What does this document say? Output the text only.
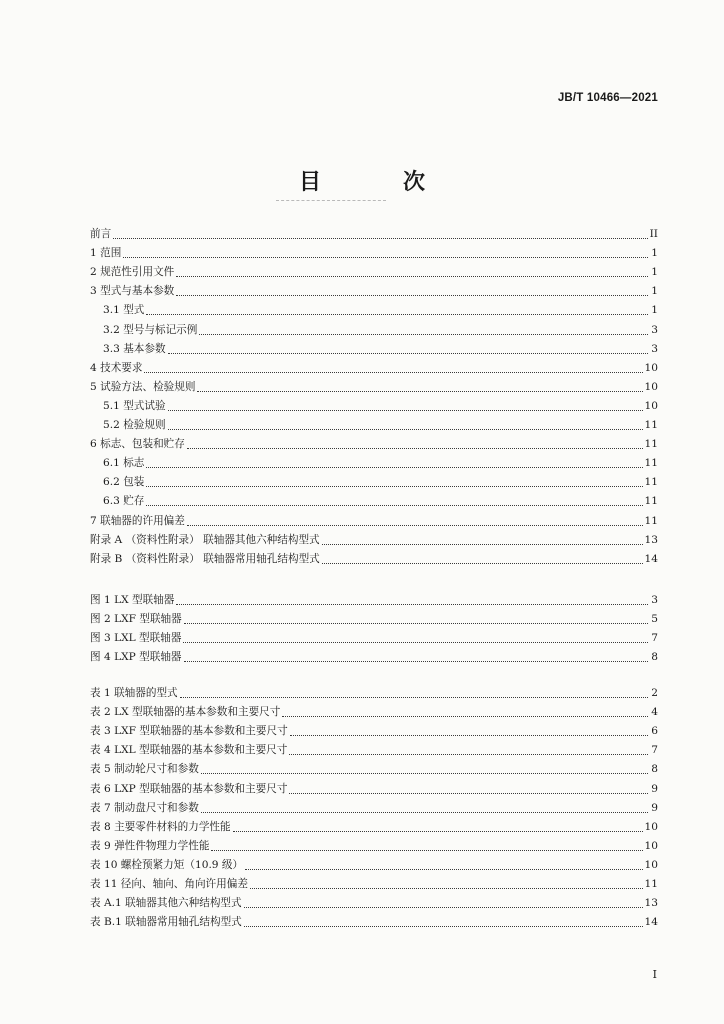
JB/T 10466—2021
目　次
前言	II
1 范围	1
2 规范性引用文件	1
3 型式与基本参数	1
3.1 型式	1
3.2 型号与标记示例	3
3.3 基本参数	3
4 技术要求	10
5 试验方法、检验规则	10
5.1 型式试验	10
5.2 检验规则	11
6 标志、包装和贮存	11
6.1 标志	11
6.2 包装	11
6.3 贮存	11
7 联轴器的许用偏差	11
附录 A （资料性附录） 联轴器其他六种结构型式	13
附录 B （资料性附录） 联轴器常用轴孔结构型式	14
图 1 LX 型联轴器	3
图 2 LXF 型联轴器	5
图 3 LXL 型联轴器	7
图 4 LXP 型联轴器	8
表 1 联轴器的型式	2
表 2 LX 型联轴器的基本参数和主要尺寸	4
表 3 LXF 型联轴器的基本参数和主要尺寸	6
表 4 LXL 型联轴器的基本参数和主要尺寸	7
表 5 制动轮尺寸和参数	8
表 6 LXP 型联轴器的基本参数和主要尺寸	9
表 7 制动盘尺寸和参数	9
表 8 主要零件材料的力学性能	10
表 9 弹性件物理力学性能	10
表 10 螺栓预紧力矩（10.9 级）	10
表 11 径向、轴向、角向许用偏差	11
表 A.1 联轴器其他六种结构型式	13
表 B.1 联轴器常用轴孔结构型式	14
I
